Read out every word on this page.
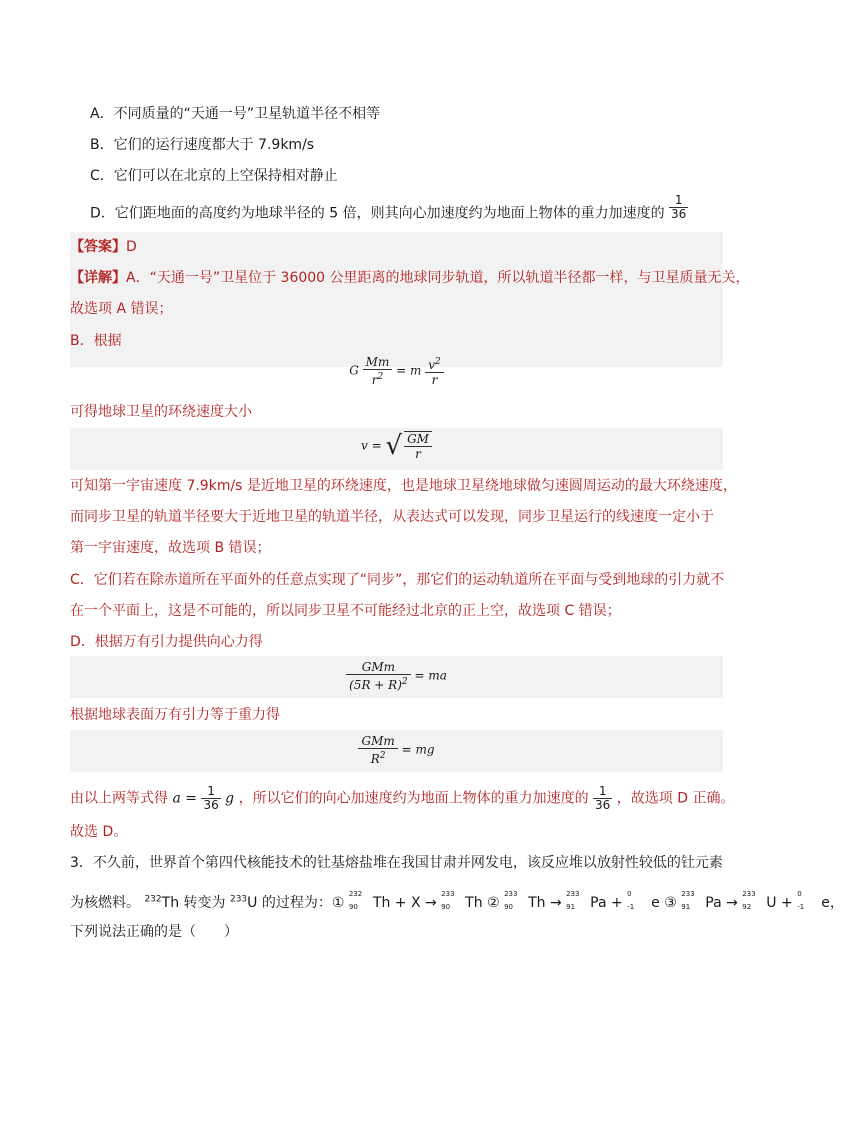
A．不同质量的“天通一号”卫星轨道半径不相等
B．它们的运行速度都大于 7.9km/s
C．它们可以在北京的上空保持相对静止
D．它们距地面的高度约为地球半径的 5 倍，则其向心加速度约为地面上物体的重力加速度的 $\frac{1}{36}$
【答案】D
【详解】A．“天通一号”卫星位于 36000 公里距离的地球同步轨道，所以轨道半径都一样，与卫星质量无关，
故选项 A 错误；
B．根据
G $\frac{Mm}{r^2} = m \frac{v^2}{r}$
可得地球卫星的环绕速度大小
v = √ $\frac{GM}{r}$
可知第一宇宙速度 7.9km/s 是近地卫星的环绕速度，也是地球卫星绕地球做匀速圆周运动的最大环绕速度，
而同步卫星的轨道半径要大于近地卫星的轨道半径，从表达式可以发现，同步卫星运行的线速度一定小于
第一宇宙速度，故选项 B 错误；
C．它们若在除赤道所在平面外的任意点实现了“同步”，那它们的运动轨道所在平面与受到地球的引力就不
在一个平面上，这是不可能的，所以同步卫星不可能经过北京的正上空，故选项 C 错误；
D．根据万有引力提供向心力得
$\frac{\text{GMm}}{(5R + R)^2}$ = ma
根据地球表面万有引力等于重力得
$\frac{\text{GMm}}{R^2}$ = mg
由以上两等式得 $a = \frac{1}{36}$ g ，所以它们的向心加速度约为地面上物体的重力加速度的 $\frac{1}{36}$ ，故选项 D 正确。
故选 D。
3．不久前，世界首个第四代核能技术的钍基熔盐堆在我国甘肃并网发电，该反应堆以放射性较低的钍元素
为核燃料。 $^{232}$Th 转变为 $^{233}$U 的过程为：①
232
90 Th + X →
233
90 Th ②
233
90 Th →
233
91 Pa +
0
-1 e ③
233
91 Pa →
233
92 U +
0
-1 e，
下列说法正确的是（　　）
